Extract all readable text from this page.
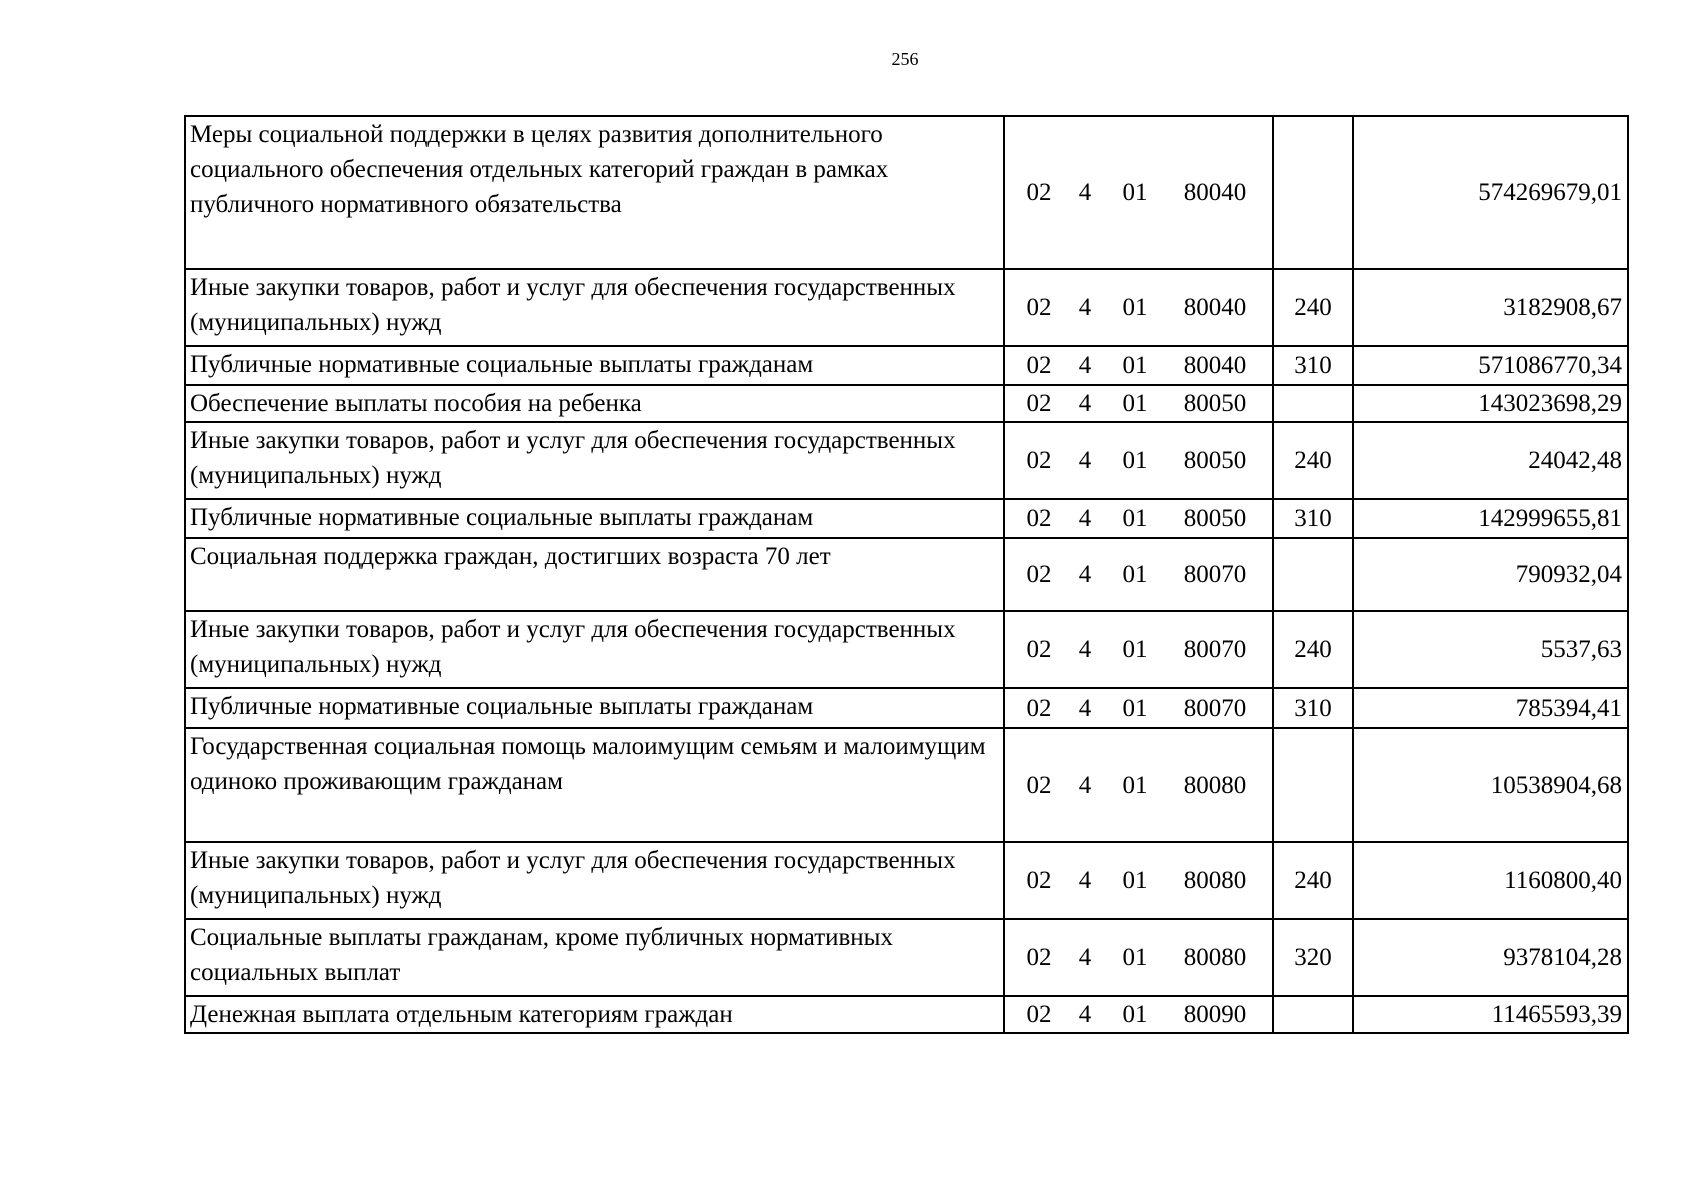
256
Меры социальной поддержки в целях развития дополнительного социального обеспечения отдельных категорий граждан в рамках публичного нормативного обязательства	02 4 01 80040		574269679,01
Иные закупки товаров, работ и услуг для обеспечения государственных (муниципальных) нужд	02 4 01 80040	240	3182908,67
Публичные нормативные социальные выплаты гражданам	02 4 01 80040	310	571086770,34
Обеспечение выплаты пособия на ребенка	02 4 01 80050		143023698,29
Иные закупки товаров, работ и услуг для обеспечения государственных (муниципальных) нужд	02 4 01 80050	240	24042,48
Публичные нормативные социальные выплаты гражданам	02 4 01 80050	310	142999655,81
Социальная поддержка граждан, достигших возраста 70 лет	02 4 01 80070		790932,04
Иные закупки товаров, работ и услуг для обеспечения государственных (муниципальных) нужд	02 4 01 80070	240	5537,63
Публичные нормативные социальные выплаты гражданам	02 4 01 80070	310	785394,41
Государственная социальная помощь малоимущим семьям и малоимущим одиноко проживающим гражданам	02 4 01 80080		10538904,68
Иные закупки товаров, работ и услуг для обеспечения государственных (муниципальных) нужд	02 4 01 80080	240	1160800,40
Социальные выплаты гражданам, кроме публичных нормативных социальных выплат	02 4 01 80080	320	9378104,28
Денежная выплата отдельным категориям граждан	02 4 01 80090		11465593,39
